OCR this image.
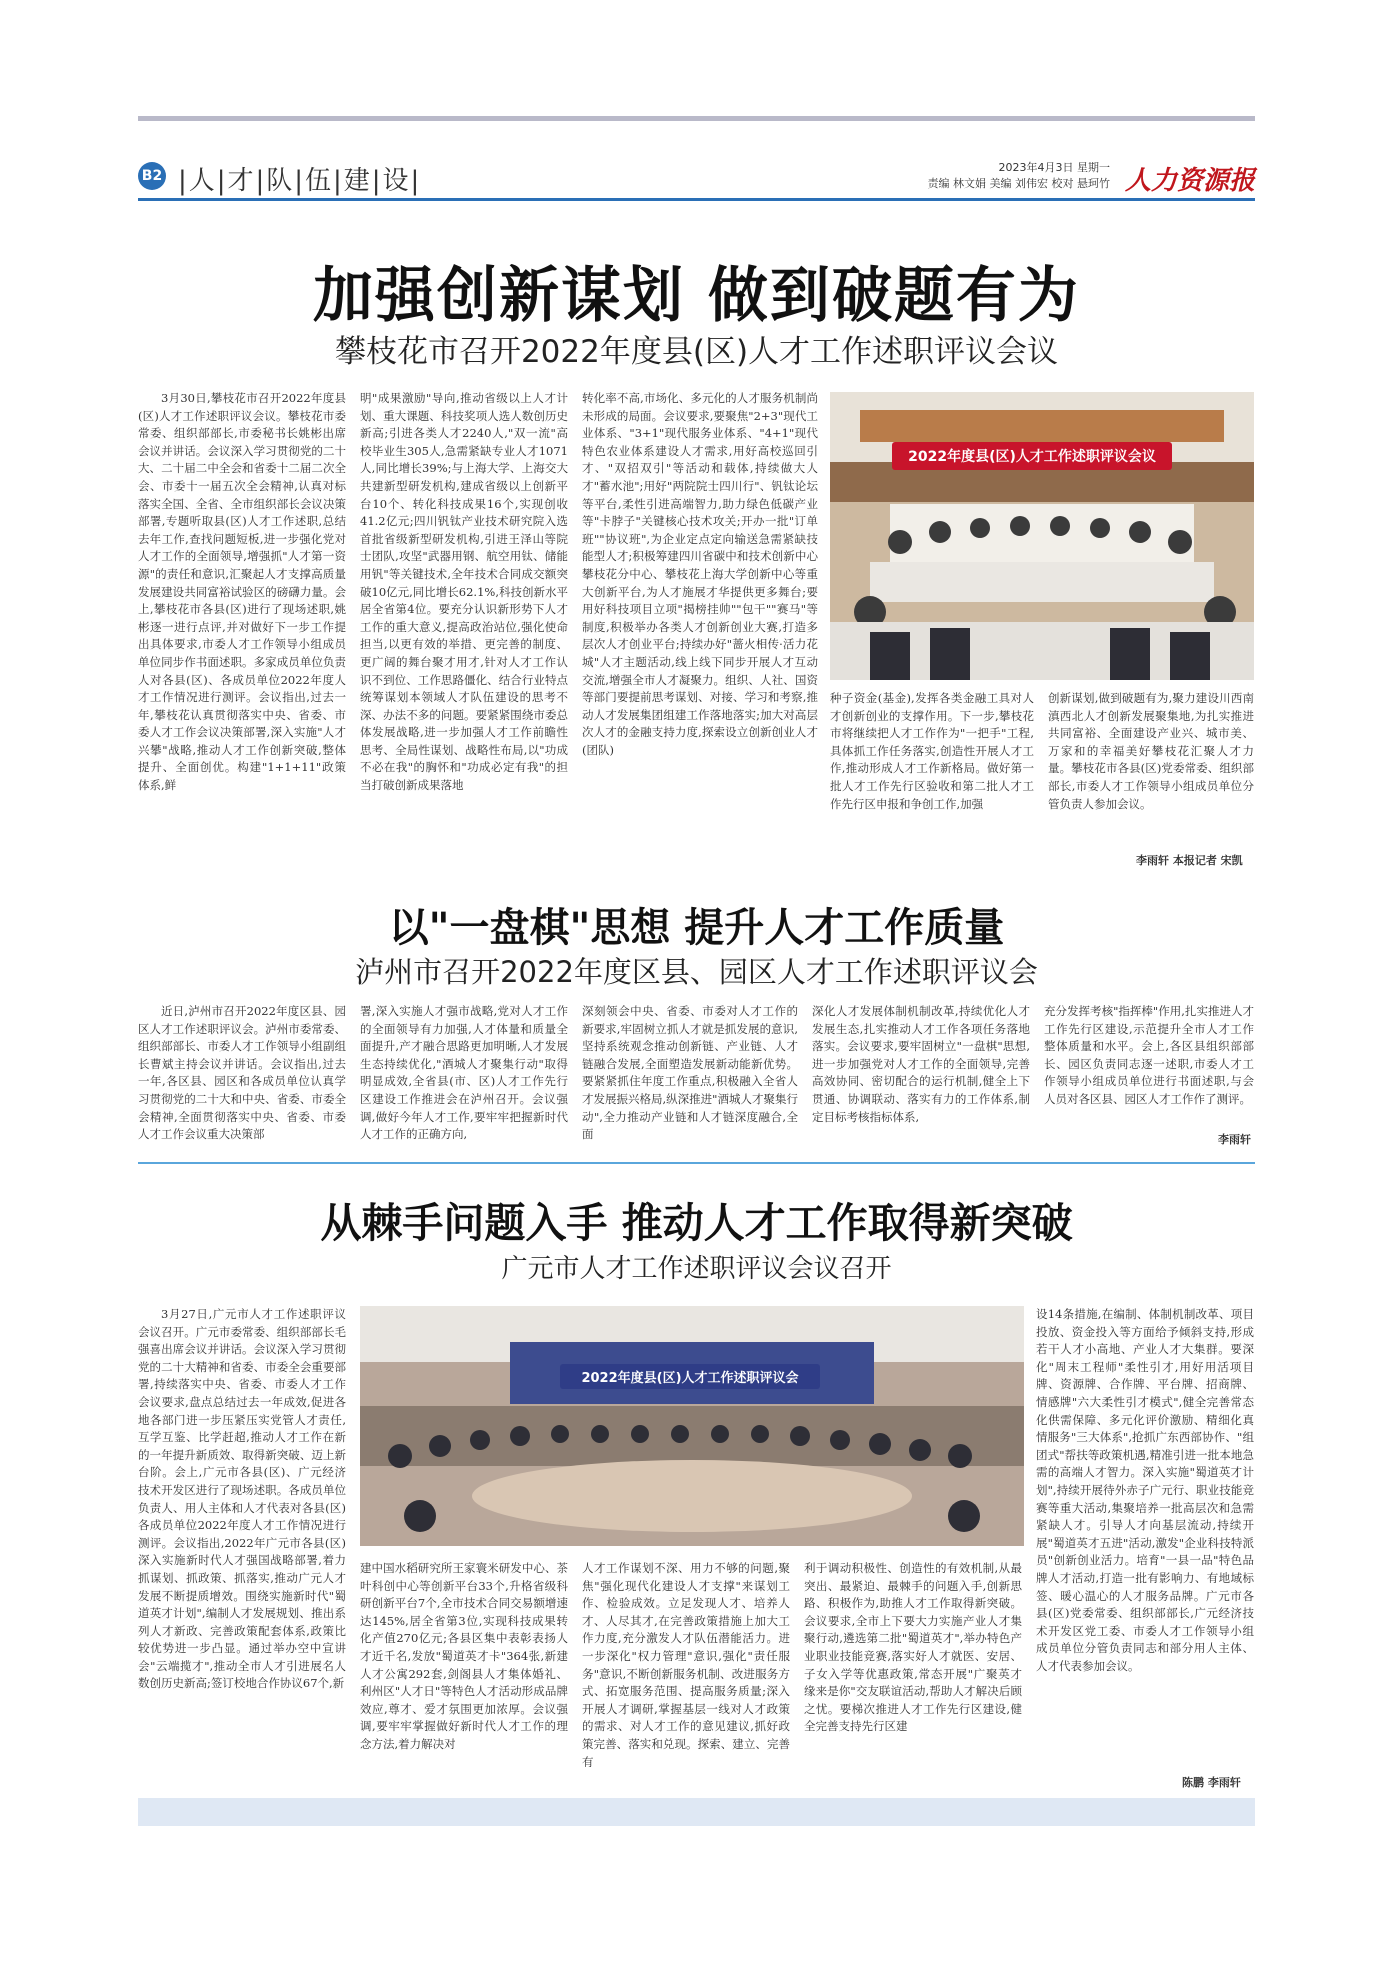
B2 |人|才|队|伍|建|设|	2023年4月3日 星期一
责编 林文娟 美编 刘伟宏 校对 悬珂竹 人力资源报
加强创新谋划 做到破题有为
攀枝花市召开2022年度县(区)人才工作述职评议会议

3月30日,攀枝花市召开2022年度县(区)人才工作述职评议会议。攀枝花市委常委、组织部部长,市委秘书长姚彬出席会议并讲话。会议深入学习贯彻党的二十大、二十届二中全会和省委十二届二次全会、市委十一届五次全会精神,认真对标落实全国、全省、全市组织部长会议决策部署,专题听取县(区)人才工作述职,总结去年工作,查找问题短板,进一步强化党对人才工作的全面领导,增强抓"人才第一资源"的责任和意识,汇聚起人才支撑高质量发展建设共同富裕试验区的磅礴力量。会上,攀枝花市各县(区)进行了现场述职,姚彬逐一进行点评,并对做好下一步工作提出具体要求,市委人才工作领导小组成员单位同步作书面述职。多家成员单位负责人对各县(区)、各成员单位2022年度人才工作情况进行测评。会议指出,过去一年,攀枝花认真贯彻落实中央、省委、市委人才工作会议决策部署,深入实施"人才兴攀"战略,推动人才工作创新突破,整体提升、全面创优。构建"1+1+11"政策体系,鲜

明"成果激励"导向,推动省级以上人才计划、重大课题、科技奖项人选人数创历史新高;引进各类人才2240人,"双一流"高校毕业生305人,急需紧缺专业人才1071人,同比增长39%;与上海大学、上海交大共建新型研发机构,建成省级以上创新平台10个、转化科技成果16个,实现创收41.2亿元;四川钒钛产业技术研究院入选首批省级新型研发机构,引进王泽山等院士团队,攻坚"武器用钢、航空用钛、储能用钒"等关键技术,全年技术合同成交额突破10亿元,同比增长62.1%,科技创新水平居全省第4位。要充分认识新形势下人才工作的重大意义,提高政治站位,强化使命担当,以更有效的举措、更完善的制度、更广阔的舞台聚才用才,针对人才工作认识不到位、工作思路僵化、结合行业特点统筹谋划本领域人才队伍建设的思考不深、办法不多的问题。要紧紧围绕市委总体发展战略,进一步加强人才工作前瞻性思考、全局性谋划、战略性布局,以"功成不必在我"的胸怀和"功成必定有我"的担当打破创新成果落地

转化率不高,市场化、多元化的人才服务机制尚未形成的局面。会议要求,要聚焦"2+3"现代工业体系、"3+1"现代服务业体系、"4+1"现代特色农业体系建设人才需求,用好高校巡回引才、"双招双引"等活动和载体,持续做大人才"蓄水池";用好"两院院士四川行"、钒钛论坛等平台,柔性引进高端智力,助力绿色低碳产业等"卡脖子"关键核心技术攻关;开办一批"订单班""协议班",为企业定点定向输送急需紧缺技能型人才;积极筹建四川省碳中和技术创新中心攀枝花分中心、攀枝花上海大学创新中心等重大创新平台,为人才施展才华提供更多舞台;要用好科技项目立项"揭榜挂帅""包干""赛马"等制度,积极举办各类人才创新创业大赛,打造多层次人才创业平台;持续办好"蔷火相传·活力花城"人才主题活动,线上线下同步开展人才互动交流,增强全市人才凝聚力。组织、人社、国资等部门要提前思考谋划、对接、学习和考察,推动人才发展集团组建工作落地落实;加大对高层次人才的金融支持力度,探索设立创新创业人才(团队)

2022年度县(区)人才工作述职评议会议

种子资金(基金),发挥各类金融工具对人才创新创业的支撑作用。下一步,攀枝花市将继续把人才工作作为"一把手"工程,具体抓工作任务落实,创造性开展人才工作,推动形成人才工作新格局。做好第一批人才工作先行区验收和第二批人才工作先行区申报和争创工作,加强

创新谋划,做到破题有为,聚力建设川西南滇西北人才创新发展聚集地,为扎实推进共同富裕、全面建设产业兴、城市美、万家和的幸福美好攀枝花汇聚人才力量。攀枝花市各县(区)党委常委、组织部部长,市委人才工作领导小组成员单位分管负责人参加会议。

李雨轩 本报记者 宋凯
以"一盘棋"思想 提升人才工作质量
泸州市召开2022年度区县、园区人才工作述职评议会

近日,泸州市召开2022年度区县、园区人才工作述职评议会。泸州市委常委、组织部部长、市委人才工作领导小组副组长曹斌主持会议并讲话。会议指出,过去一年,各区县、园区和各成员单位认真学习贯彻党的二十大和中央、省委、市委全会精神,全面贯彻落实中央、省委、市委人才工作会议重大决策部

署,深入实施人才强市战略,党对人才工作的全面领导有力加强,人才体量和质量全面提升,产才融合思路更加明晰,人才发展生态持续优化,"酒城人才聚集行动"取得明显成效,全省县(市、区)人才工作先行区建设工作推进会在泸州召开。会议强调,做好今年人才工作,要牢牢把握新时代人才工作的正确方向,

深刻领会中央、省委、市委对人才工作的新要求,牢固树立抓人才就是抓发展的意识,坚持系统观念推动创新链、产业链、人才链融合发展,全面塑造发展新动能新优势。要紧紧抓住年度工作重点,积极融入全省人才发展振兴格局,纵深推进"酒城人才聚集行动",全力推动产业链和人才链深度融合,全面

深化人才发展体制机制改革,持续优化人才发展生态,扎实推动人才工作各项任务落地落实。会议要求,要牢固树立"一盘棋"思想,进一步加强党对人才工作的全面领导,完善高效协同、密切配合的运行机制,健全上下贯通、协调联动、落实有力的工作体系,制定目标考核指标体系,

充分发挥考核"指挥棒"作用,扎实推进人才工作先行区建设,示范提升全市人才工作整体质量和水平。会上,各区县组织部部长、园区负责同志逐一述职,市委人才工作领导小组成员单位进行书面述职,与会人员对各区县、园区人才工作作了测评。

李雨轩
从棘手问题入手 推动人才工作取得新突破
广元市人才工作述职评议会议召开

3月27日,广元市人才工作述职评议会议召开。广元市委常委、组织部部长毛强喜出席会议并讲话。会议深入学习贯彻党的二十大精神和省委、市委全会重要部署,持续落实中央、省委、市委人才工作会议要求,盘点总结过去一年成效,促进各地各部门进一步压紧压实党管人才责任,互学互鉴、比学赶超,推动人才工作在新的一年提升新质效、取得新突破、迈上新台阶。会上,广元市各县(区)、广元经济技术开发区进行了现场述职。各成员单位负责人、用人主体和人才代表对各县(区)各成员单位2022年度人才工作情况进行测评。会议指出,2022年广元市各县(区)深入实施新时代人才强国战略部署,着力抓谋划、抓政策、抓落实,推动广元人才发展不断提质增效。围绕实施新时代"蜀道英才计划",编制人才发展规划、推出系列人才新政、完善政策配套体系,政策比较优势进一步凸显。通过举办空中宣讲会"云端揽才",推动全市人才引进展名人数创历史新高;签订校地合作协议67个,新

2022年度县(区)人才工作述职评议会

建中国水稻研究所王家寰米研发中心、茶叶科创中心等创新平台33个,升格省级科研创新平台7个,全市技术合同交易额增速达145%,居全省第3位,实现科技成果转化产值270亿元;各县区集中表彰表扬人才近千名,发放"蜀道英才卡"364张,新建人才公寓292套,剑阁县人才集体婚礼、利州区"人才日"等特色人才活动形成品牌效应,尊才、爱才氛围更加浓厚。会议强调,要牢牢掌握做好新时代人才工作的理念方法,着力解决对

人才工作谋划不深、用力不够的问题,聚焦"强化现代化建设人才支撑"来谋划工作、检验成效。立足发现人才、培养人才、人尽其才,在完善政策措施上加大工作力度,充分激发人才队伍潜能活力。进一步深化"权力管理"意识,强化"责任服务"意识,不断创新服务机制、改进服务方式、拓宽服务范围、提高服务质量;深入开展人才调研,掌握基层一线对人才政策的需求、对人才工作的意见建议,抓好政策完善、落实和兑现。探索、建立、完善有

利于调动积极性、创造性的有效机制,从最突出、最紧迫、最棘手的问题入手,创新思路、积极作为,助推人才工作取得新突破。会议要求,全市上下要大力实施产业人才集聚行动,遴选第二批"蜀道英才",举办特色产业职业技能竞赛,落实好人才就医、安居、子女入学等优惠政策,常态开展"广聚英才 缘来是你"交友联谊活动,帮助人才解决后顾之忧。要梯次推进人才工作先行区建设,健全完善支持先行区建

设14条措施,在编制、体制机制改革、项目投放、资金投入等方面给予倾斜支持,形成若干人才小高地、产业人才大集群。要深化"周末工程师"柔性引才,用好用活项目牌、资源牌、合作牌、平台牌、招商牌、情感牌"六大柔性引才模式",健全完善常态化供需保障、多元化评价激励、精细化真情服务"三大体系",抢抓广东西部协作、"组团式"帮扶等政策机遇,精准引进一批本地急需的高端人才智力。深入实施"蜀道英才计划",持续开展待外赤子广元行、职业技能竞赛等重大活动,集聚培养一批高层次和急需紧缺人才。引导人才向基层流动,持续开展"蜀道英才五进"活动,激发"企业科技特派员"创新创业活力。培育"一县一品"特色品牌人才活动,打造一批有影响力、有地域标签、暖心温心的人才服务品牌。广元市各县(区)党委常委、组织部部长,广元经济技术开发区党工委、市委人才工作领导小组成员单位分管负责同志和部分用人主体、人才代表参加会议。

陈鹏 李雨轩
